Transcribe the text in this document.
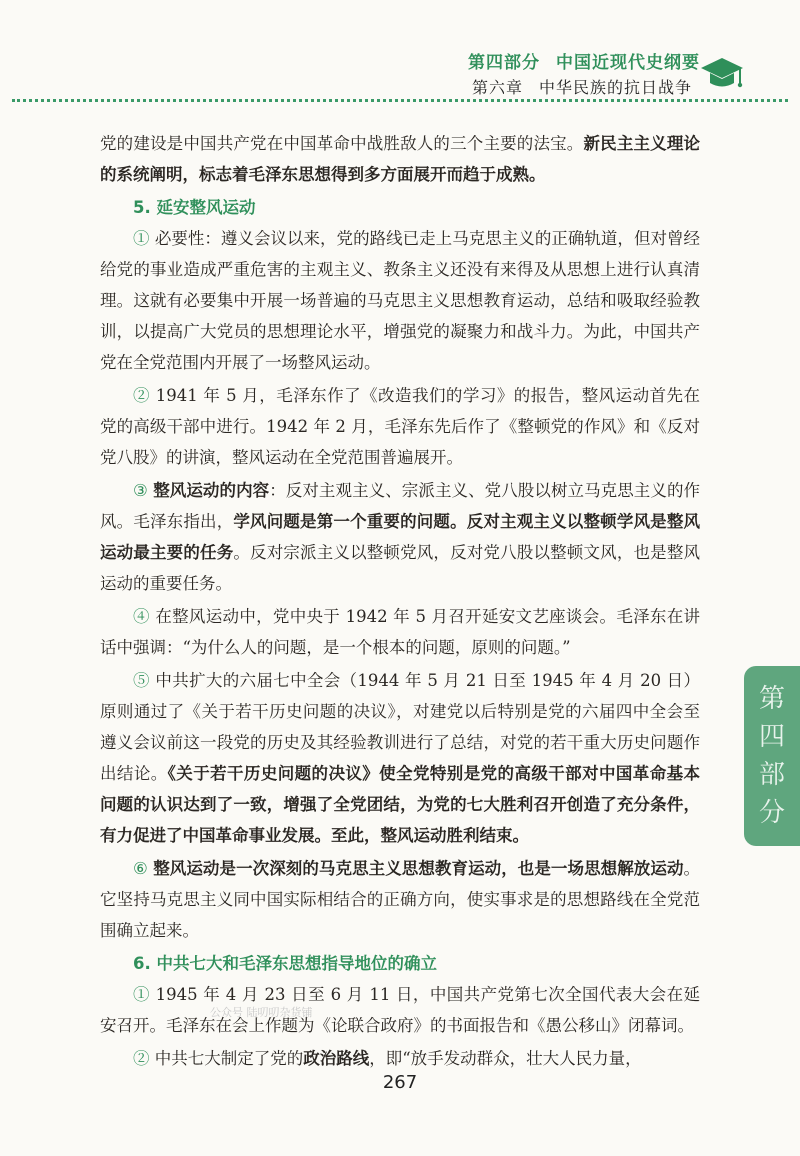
第四部分 中国近现代史纲要
第六章 中华民族的抗日战争

党的建设是中国共产党在中国革命中战胜敌人的三个主要的法宝。新民主主义理论的系统阐明，标志着毛泽东思想得到多方面展开而趋于成熟。

5. 延安整风运动

① 必要性：遵义会议以来，党的路线已走上马克思主义的正确轨道，但对曾经给党的事业造成严重危害的主观主义、教条主义还没有来得及从思想上进行认真清理。这就有必要集中开展一场普遍的马克思主义思想教育运动，总结和吸取经验教训，以提高广大党员的思想理论水平，增强党的凝聚力和战斗力。为此，中国共产党在全党范围内开展了一场整风运动。

② 1941 年 5 月，毛泽东作了《改造我们的学习》的报告，整风运动首先在党的高级干部中进行。1942 年 2 月，毛泽东先后作了《整顿党的作风》和《反对党八股》的讲演，整风运动在全党范围普遍展开。

③ 整风运动的内容：反对主观主义、宗派主义、党八股以树立马克思主义的作风。毛泽东指出，学风问题是第一个重要的问题。反对主观主义以整顿学风是整风运动最主要的任务。反对宗派主义以整顿党风，反对党八股以整顿文风，也是整风运动的重要任务。

④ 在整风运动中，党中央于 1942 年 5 月召开延安文艺座谈会。毛泽东在讲话中强调：“为什么人的问题，是一个根本的问题，原则的问题。”

⑤ 中共扩大的六届七中全会（1944 年 5 月 21 日至 1945 年 4 月 20 日）原则通过了《关于若干历史问题的决议》，对建党以后特别是党的六届四中全会至遵义会议前这一段党的历史及其经验教训进行了总结，对党的若干重大历史问题作出结论。《关于若干历史问题的决议》使全党特别是党的高级干部对中国革命基本问题的认识达到了一致，增强了全党团结，为党的七大胜利召开创造了充分条件，有力促进了中国革命事业发展。至此，整风运动胜利结束。

⑥ 整风运动是一次深刻的马克思主义思想教育运动，也是一场思想解放运动。它坚持马克思主义同中国实际相结合的正确方向，使实事求是的思想路线在全党范围确立起来。

6. 中共七大和毛泽东思想指导地位的确立

① 1945 年 4 月 23 日至 6 月 11 日，中国共产党第七次全国代表大会在延安召开。毛泽东在会上作题为《论联合政府》的书面报告和《愚公移山》闭幕词。

② 中共七大制定了党的政治路线，即“放手发动群众，壮大人民力量，

第
四
部
分
公众号 陆叨叨杂货铺
267
